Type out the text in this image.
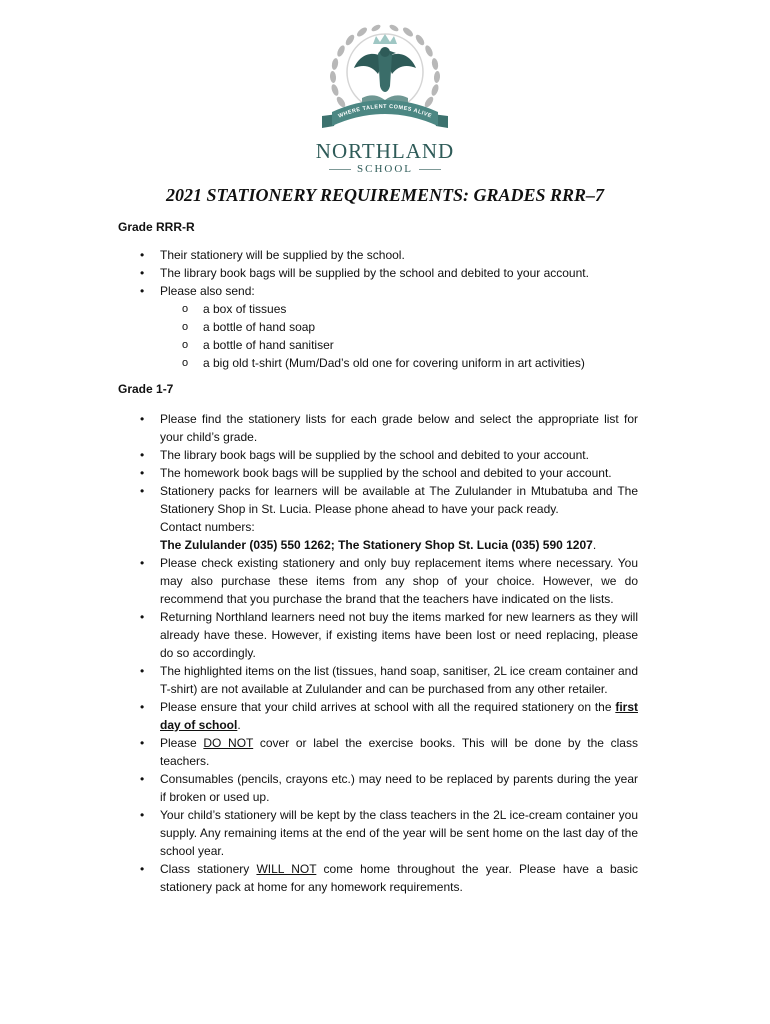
WHERE TALENT COMES ALIVE
NORTHLAND
SCHOOL
2021 STATIONERY REQUIREMENTS: GRADES RRR–7
Grade RRR-R
• Their stationery will be supplied by the school.
• The library book bags will be supplied by the school and debited to your account.
• Please also send:
o a box of tissues
o a bottle of hand soap
o a bottle of hand sanitiser
o a big old t-shirt (Mum/Dad’s old one for covering uniform in art activities)
Grade 1-7
• Please find the stationery lists for each grade below and select the appropriate list for your child’s grade.
• The library book bags will be supplied by the school and debited to your account.
• The homework book bags will be supplied by the school and debited to your account.
• Stationery packs for learners will be available at The Zululander in Mtubatuba and The Stationery Shop in St. Lucia. Please phone ahead to have your pack ready.
Contact numbers:
The Zululander (035) 550 1262; The Stationery Shop St. Lucia (035) 590 1207.
• Please check existing stationery and only buy replacement items where necessary. You may also purchase these items from any shop of your choice. However, we do recommend that you purchase the brand that the teachers have indicated on the lists.
• Returning Northland learners need not buy the items marked for new learners as they will already have these. However, if existing items have been lost or need replacing, please do so accordingly.
• The highlighted items on the list (tissues, hand soap, sanitiser, 2L ice cream container and T-shirt) are not available at Zululander and can be purchased from any other retailer.
• Please ensure that your child arrives at school with all the required stationery on the first day of school.
• Please DO NOT cover or label the exercise books. This will be done by the class teachers.
• Consumables (pencils, crayons etc.) may need to be replaced by parents during the year if broken or used up.
• Your child’s stationery will be kept by the class teachers in the 2L ice-cream container you supply. Any remaining items at the end of the year will be sent home on the last day of the school year.
• Class stationery WILL NOT come home throughout the year. Please have a basic stationery pack at home for any homework requirements.
